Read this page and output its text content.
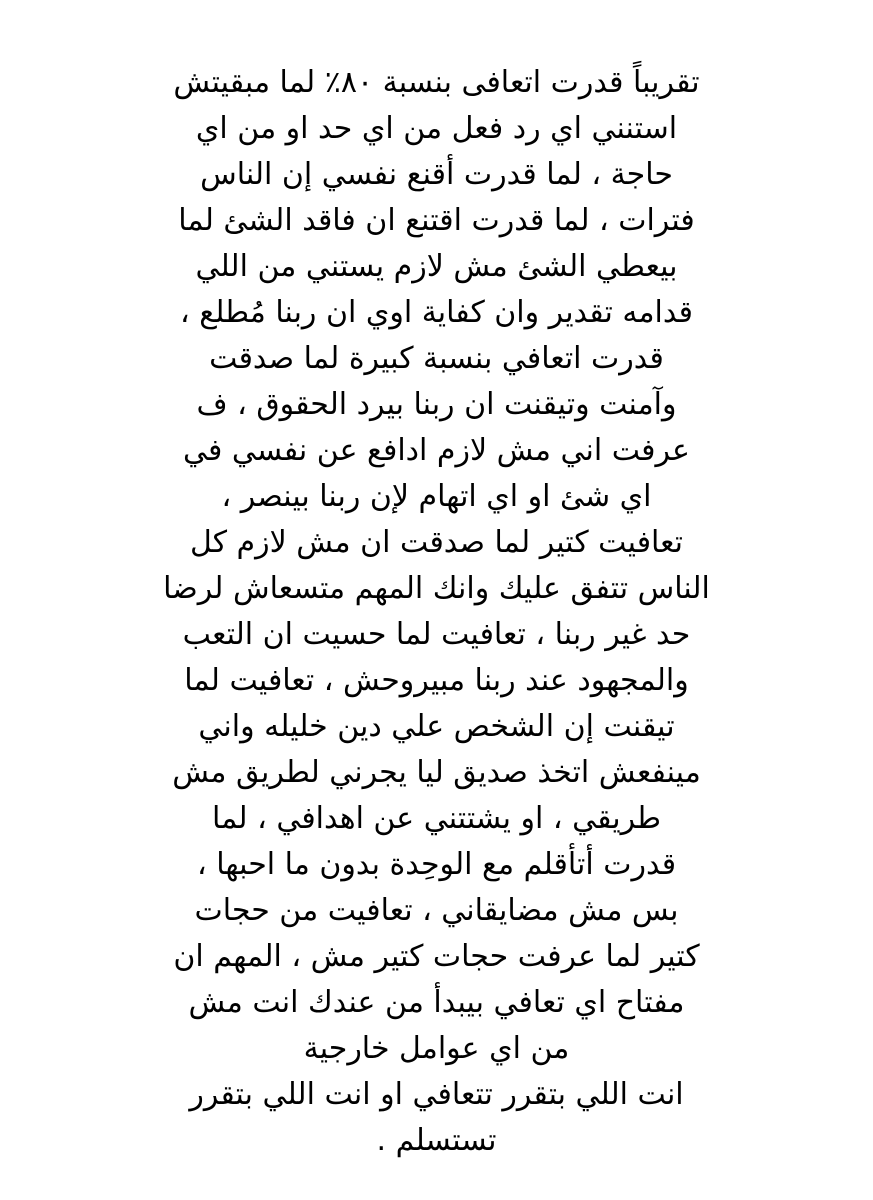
تقريباً قدرت اتعافى بنسبة ٨٠٪ لما مبقيتش
استنني اي رد فعل من اي حد او من اي
حاجة ، لما قدرت أقنع نفسي إن الناس
فترات ، لما قدرت اقتنع ان فاقد الشئ لما
بيعطي الشئ مش لازم يستني من اللي
قدامه تقدير وان كفاية اوي ان ربنا مُطلع ،
قدرت اتعافي بنسبة كبيرة لما صدقت
وآمنت وتيقنت ان ربنا بيرد الحقوق ، ف
عرفت اني مش لازم ادافع عن نفسي في
اي شئ او اي اتهام لإن ربنا بينصر ،
تعافيت كتير لما صدقت ان مش لازم كل
الناس تتفق عليك وانك المهم متسعاش لرضا
حد غير ربنا ، تعافيت لما حسيت ان التعب
والمجهود عند ربنا مبيروحش ، تعافيت لما
تيقنت إن الشخص علي دين خليله واني
مينفعش اتخذ صديق ليا يجرني لطريق مش
طريقي ، او يشتتني عن اهدافي ، لما
قدرت أتأقلم مع الوحِدة بدون ما احبها ،
بس مش مضايقاني ، تعافيت من حجات
كتير لما عرفت حجات كتير مش ، المهم ان
مفتاح اي تعافي بيبدأ من عندك انت مش
من اي عوامل خارجية
انت اللي بتقرر تتعافي او انت اللي بتقرر
تستسلم .
